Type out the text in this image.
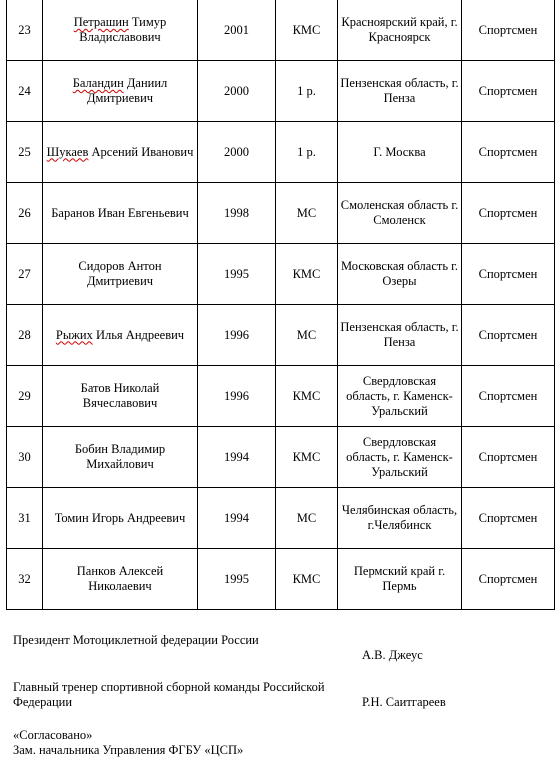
23	Петрашин Тимур Владиславович	2001	КМС	Красноярский край, г. Красноярск	Спортсмен
24	Баландин Даниил Дмитриевич	2000	1 р.	Пензенская область, г. Пенза	Спортсмен
25	Шукаев Арсений Иванович	2000	1 р.	Г. Москва	Спортсмен
26	Баранов Иван Евгеньевич	1998	МС	Смоленская область г. Смоленск	Спортсмен
27	Сидоров Антон Дмитриевич	1995	КМС	Московская область г. Озеры	Спортсмен
28	Рыжих Илья Андреевич	1996	МС	Пензенская область, г. Пенза	Спортсмен
29	Батов Николай Вячеславович	1996	КМС	Свердловская область, г. Каменск-Уральский	Спортсмен
30	Бобин Владимир Михайлович	1994	КМС	Свердловская область, г. Каменск-Уральский	Спортсмен
31	Томин Игорь Андреевич	1994	МС	Челябинская область, г.Челябинск	Спортсмен
32	Панков Алексей Николаевич	1995	КМС	Пермский край г. Пермь	Спортсмен
Президент Мотоциклетной федерации России
А.В. Джеус
Главный тренер спортивной сборной команды Российской Федерации	Р.Н. Саитгареев
«Согласовано»
Зам. начальника Управления ФГБУ «ЦСП»
